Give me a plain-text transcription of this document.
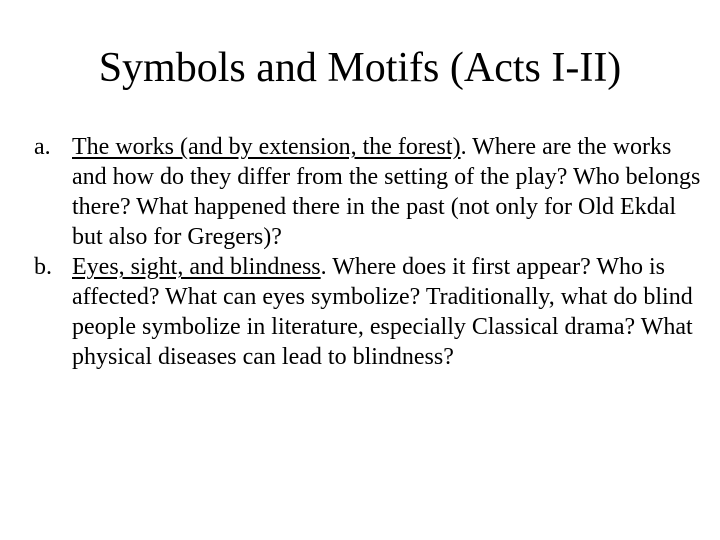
Symbols and Motifs (Acts I-II)
a. The works (and by extension, the forest). Where are the works and how do they differ from the setting of the play? Who belongs there? What happened there in the past (not only for Old Ekdal but also for Gregers)?
b. Eyes, sight, and blindness. Where does it first appear? Who is affected? What can eyes symbolize? Traditionally, what do blind people symbolize in literature, especially Classical drama? What physical diseases can lead to blindness?
